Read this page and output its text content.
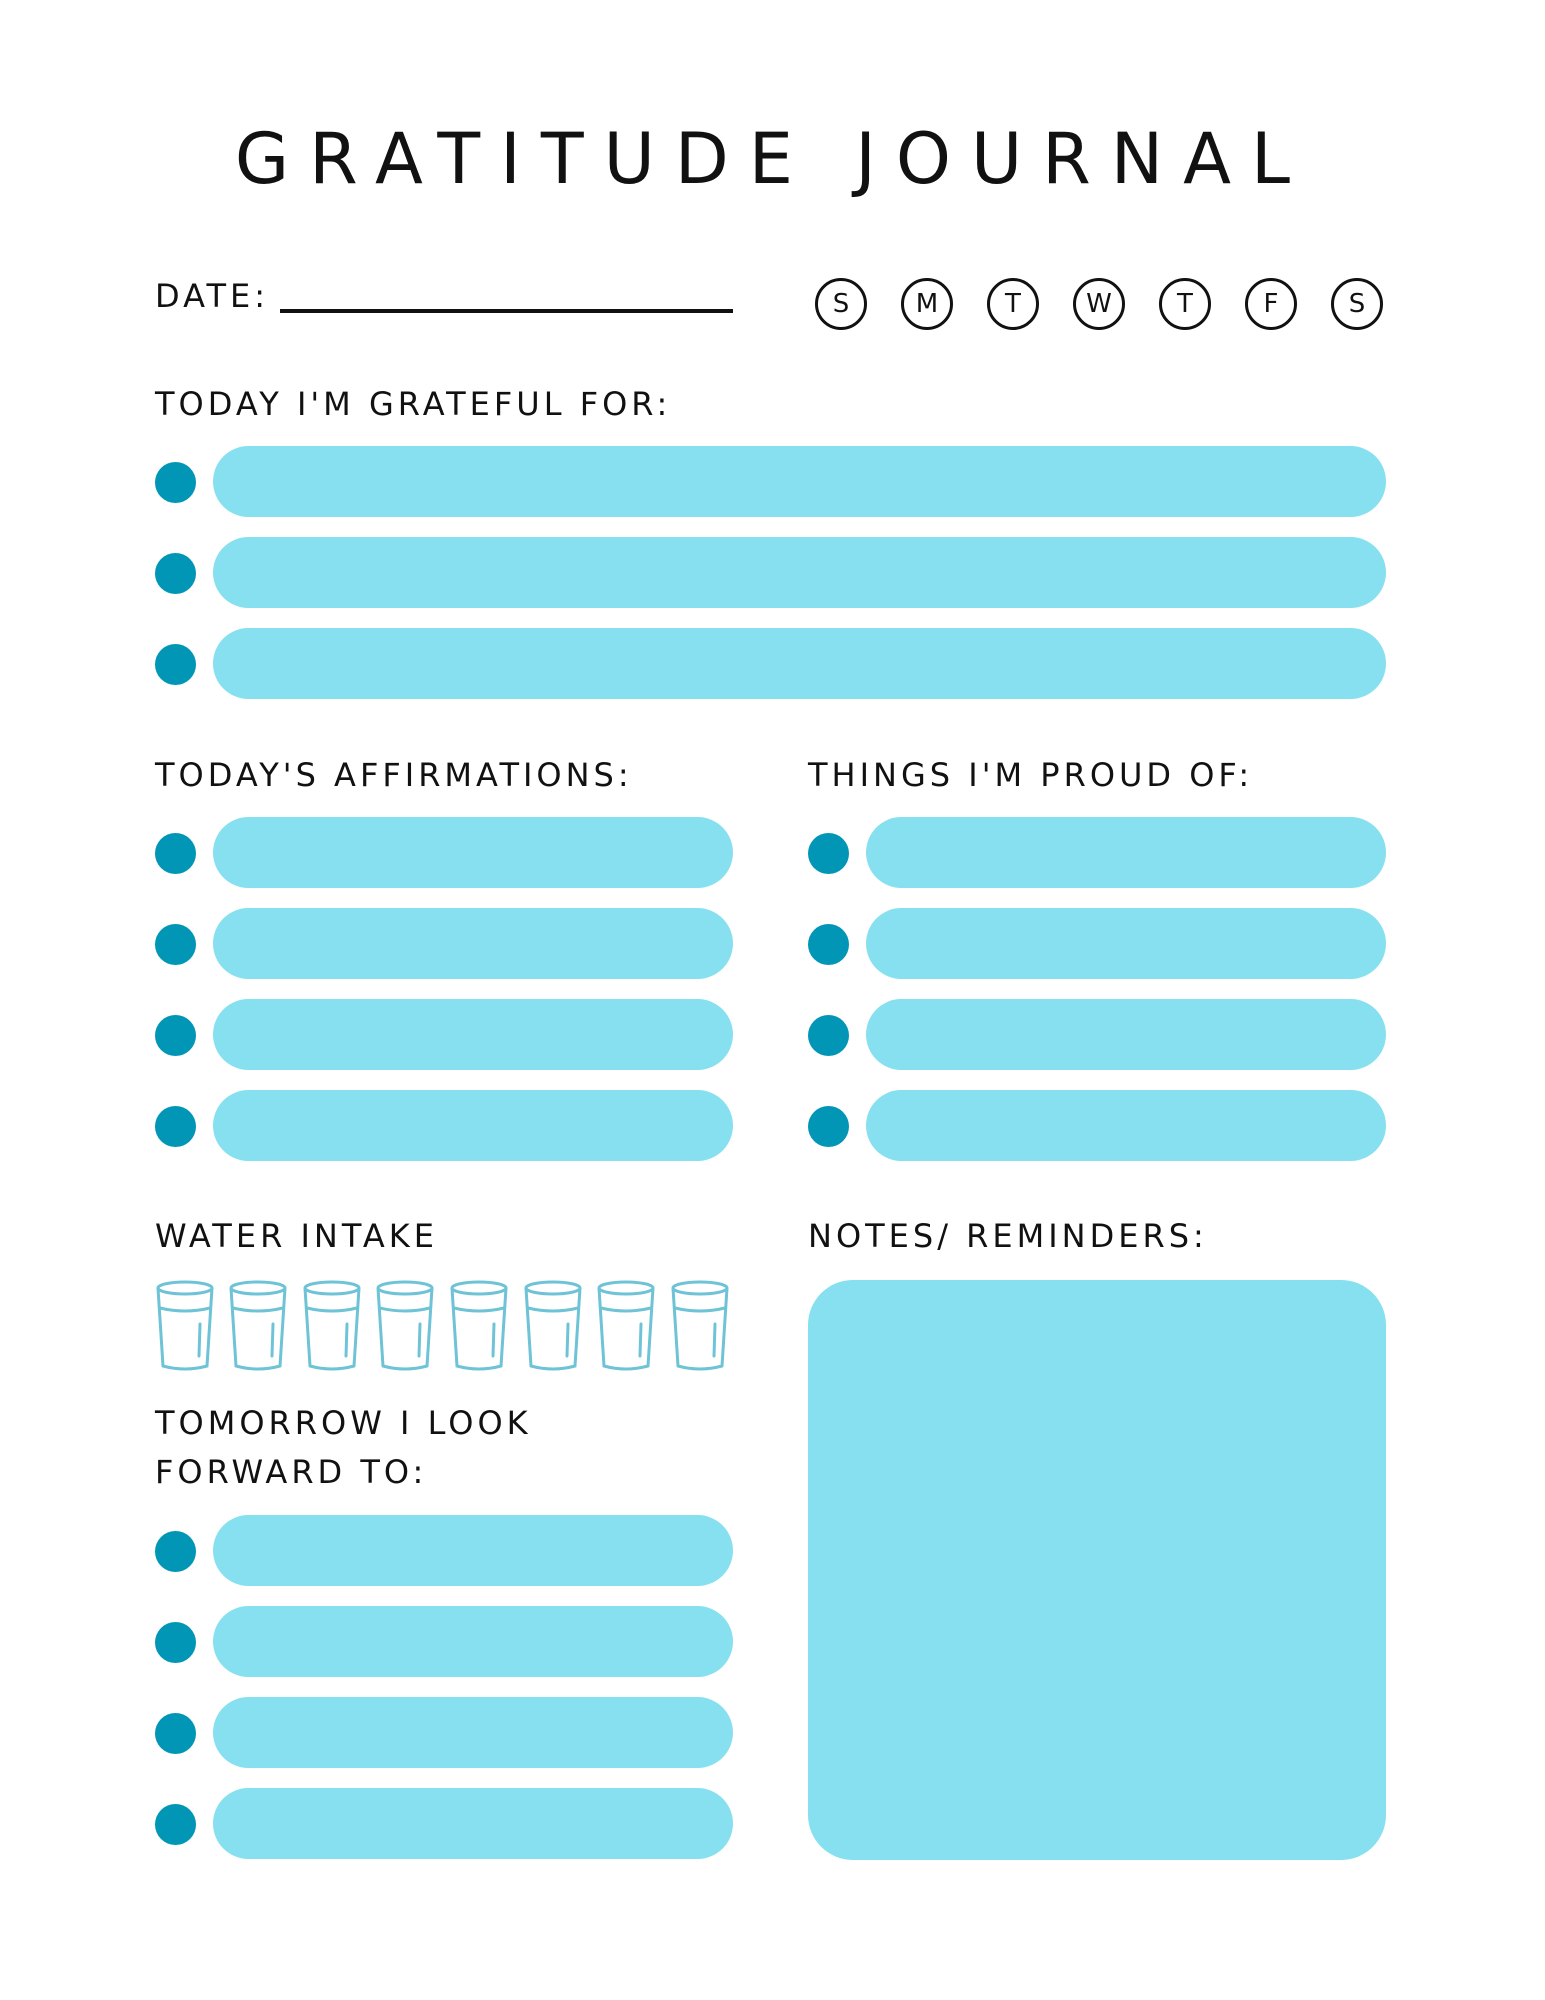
GRATITUDE JOURNAL
DATE:	S	M	T	W	T	F	S
TODAY I'M GRATEFUL FOR:
TODAY'S AFFIRMATIONS:	THINGS I'M PROUD OF:
WATER INTAKE	NOTES/ REMINDERS:
TOMORROW I LOOK
FORWARD TO:
